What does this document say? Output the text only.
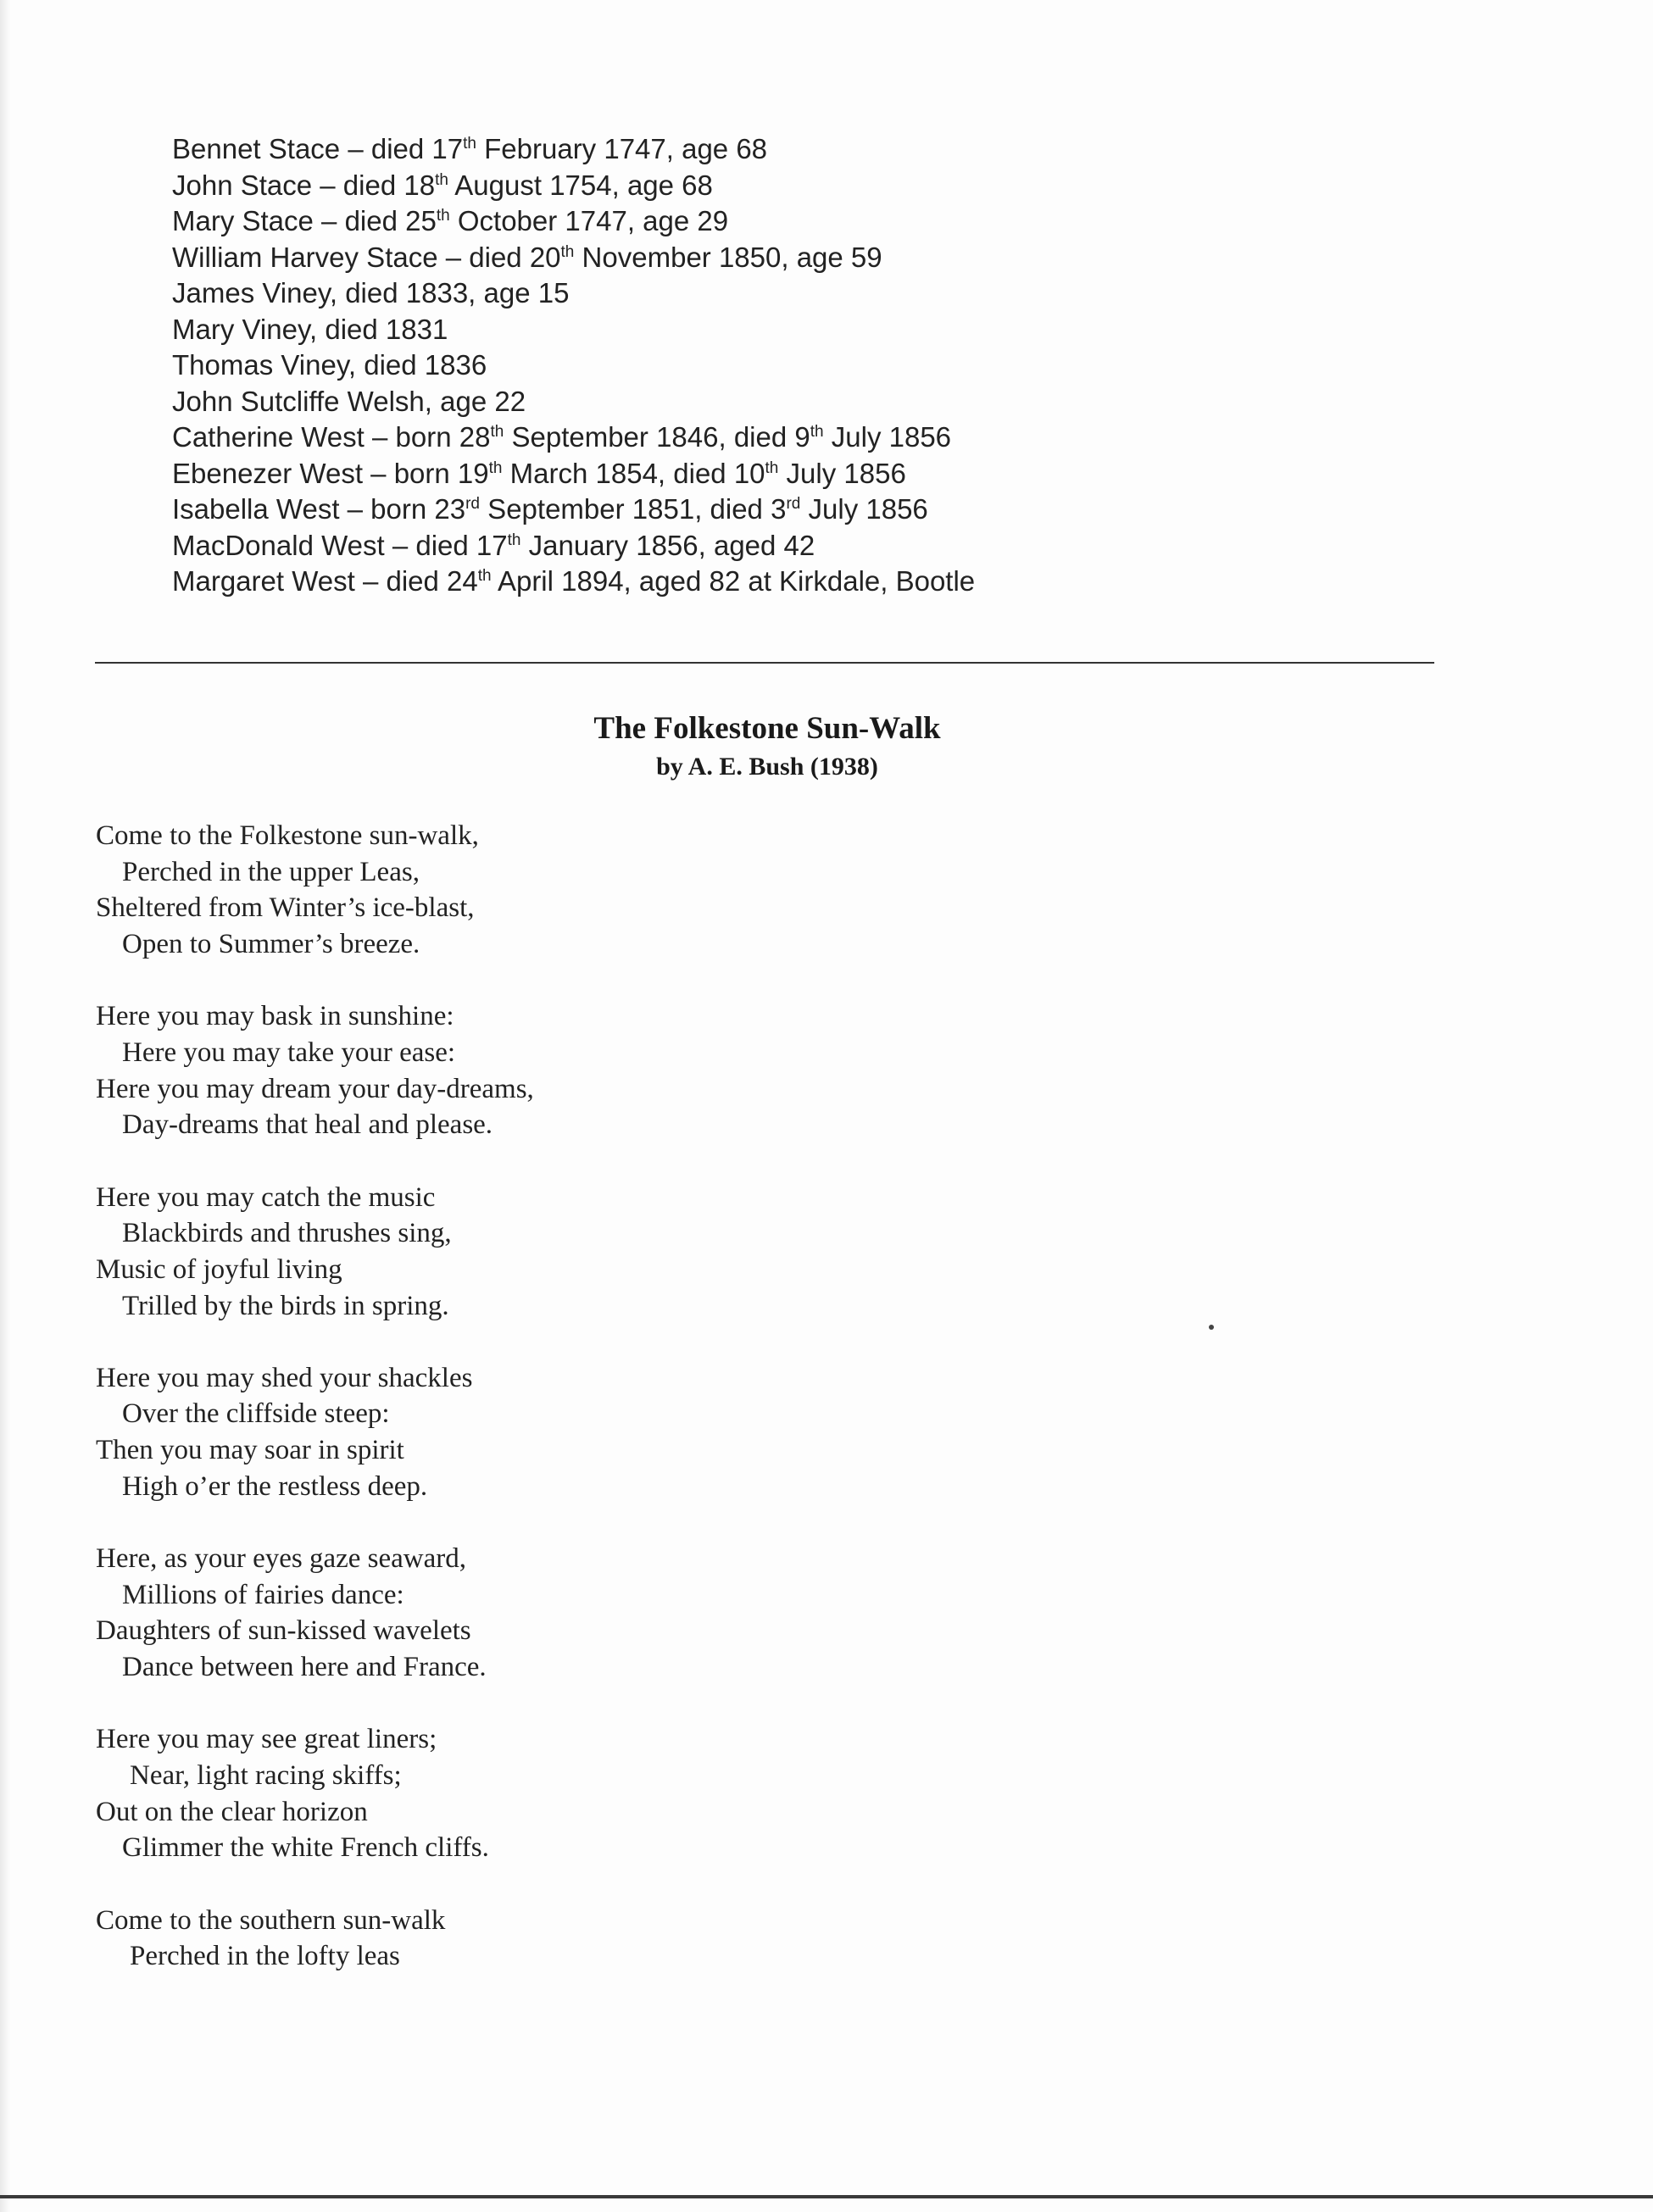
Bennet Stace – died 17th February 1747, age 68
John Stace – died 18th August 1754, age 68
Mary Stace – died 25th October 1747, age 29
William Harvey Stace – died 20th November 1850, age 59
James Viney, died 1833, age 15
Mary Viney, died 1831
Thomas Viney, died 1836
John Sutcliffe Welsh, age 22
Catherine West – born 28th September 1846, died 9th July 1856
Ebenezer West – born 19th March 1854, died 10th July 1856
Isabella West – born 23rd September 1851, died 3rd July 1856
MacDonald West – died 17th January 1856, aged 42
Margaret West – died 24th April 1894, aged 82 at Kirkdale, Bootle
The Folkestone Sun-Walk
by A. E. Bush (1938)
Come to the Folkestone sun-walk,
Perched in the upper Leas,
Sheltered from Winter’s ice-blast,
Open to Summer’s breeze.
Here you may bask in sunshine:
Here you may take your ease:
Here you may dream your day-dreams,
Day-dreams that heal and please.
Here you may catch the music
Blackbirds and thrushes sing,
Music of joyful living
Trilled by the birds in spring.
Here you may shed your shackles
Over the cliffside steep:
Then you may soar in spirit
High o’er the restless deep.
Here, as your eyes gaze seaward,
Millions of fairies dance:
Daughters of sun-kissed wavelets
Dance between here and France.
Here you may see great liners;
Near, light racing skiffs;
Out on the clear horizon
Glimmer the white French cliffs.
Come to the southern sun-walk
Perched in the lofty leas
